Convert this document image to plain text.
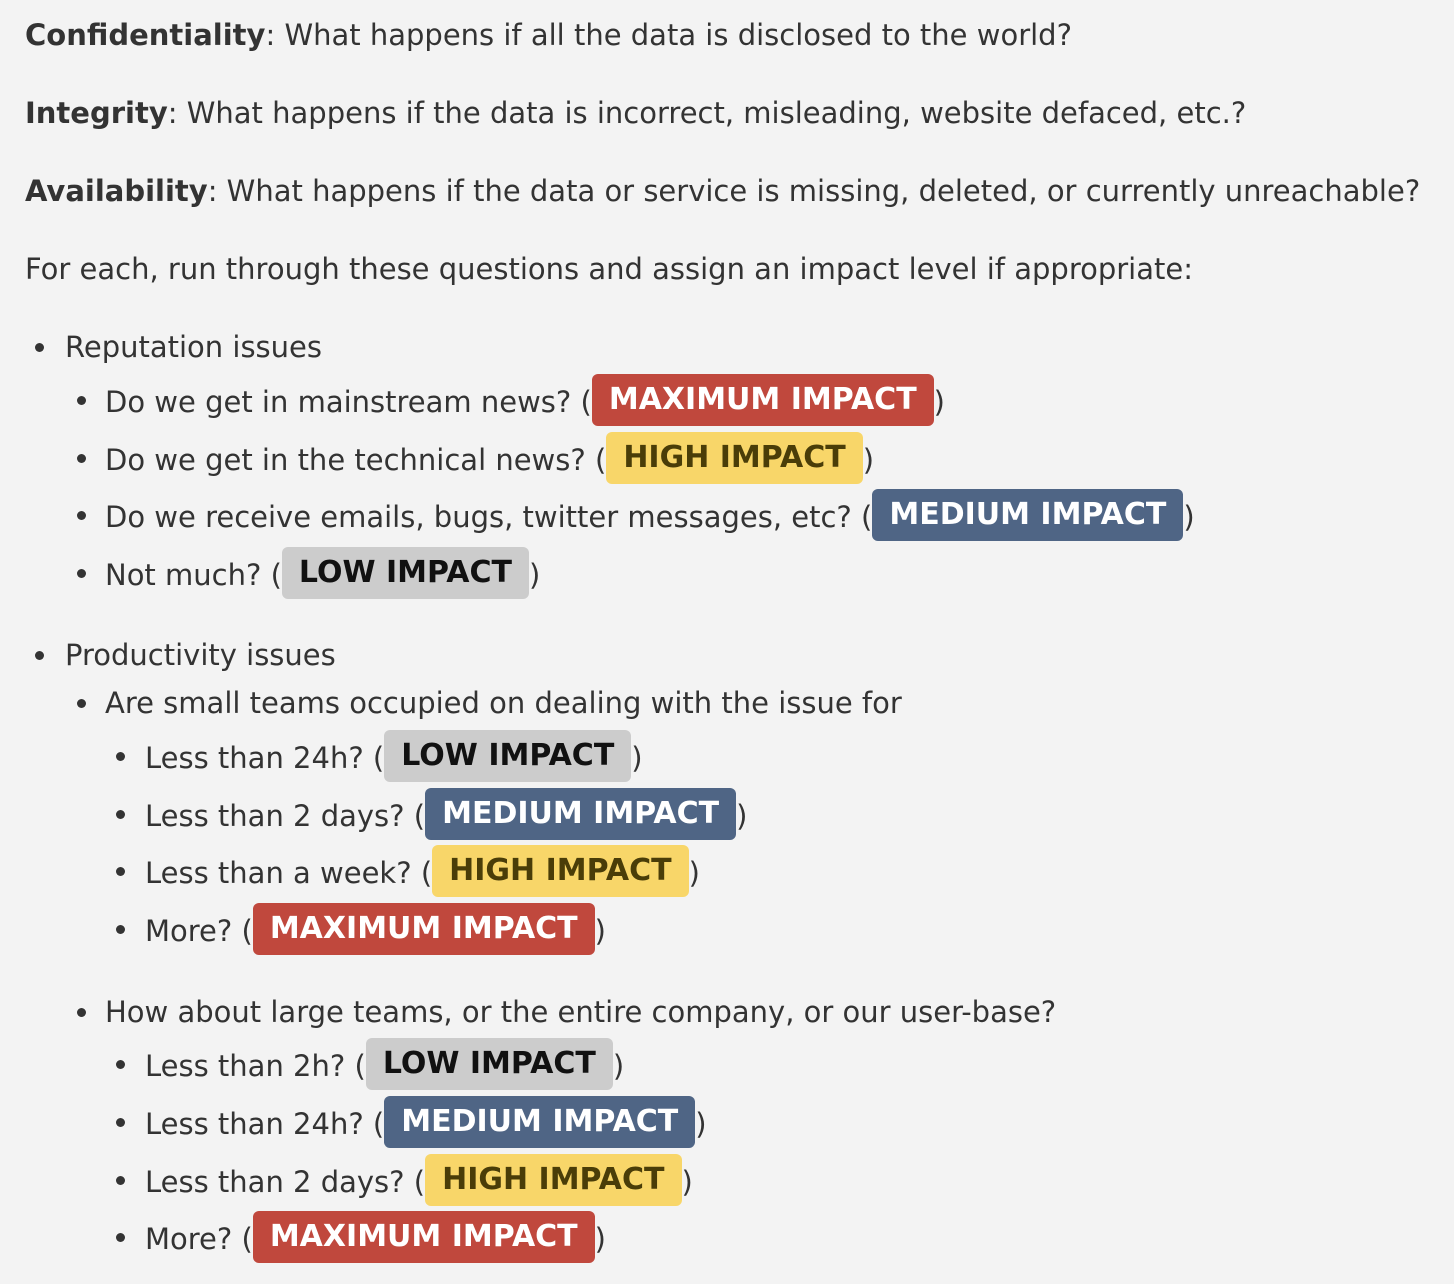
Confidentiality: What happens if all the data is disclosed to the world?
Integrity: What happens if the data is incorrect, misleading, website defaced, etc.?
Availability: What happens if the data or service is missing, deleted, or currently unreachable?
For each, run through these questions and assign an impact level if appropriate:
Reputation issues
Do we get in mainstream news? ( MAXIMUM IMPACT )
Do we get in the technical news? ( HIGH IMPACT )
Do we receive emails, bugs, twitter messages, etc? ( MEDIUM IMPACT )
Not much? ( LOW IMPACT )
Productivity issues
Are small teams occupied on dealing with the issue for
Less than 24h? ( LOW IMPACT )
Less than 2 days? ( MEDIUM IMPACT )
Less than a week? ( HIGH IMPACT )
More? ( MAXIMUM IMPACT )
How about large teams, or the entire company, or our user-base?
Less than 2h? ( LOW IMPACT )
Less than 24h? ( MEDIUM IMPACT )
Less than 2 days? ( HIGH IMPACT )
More? ( MAXIMUM IMPACT )
